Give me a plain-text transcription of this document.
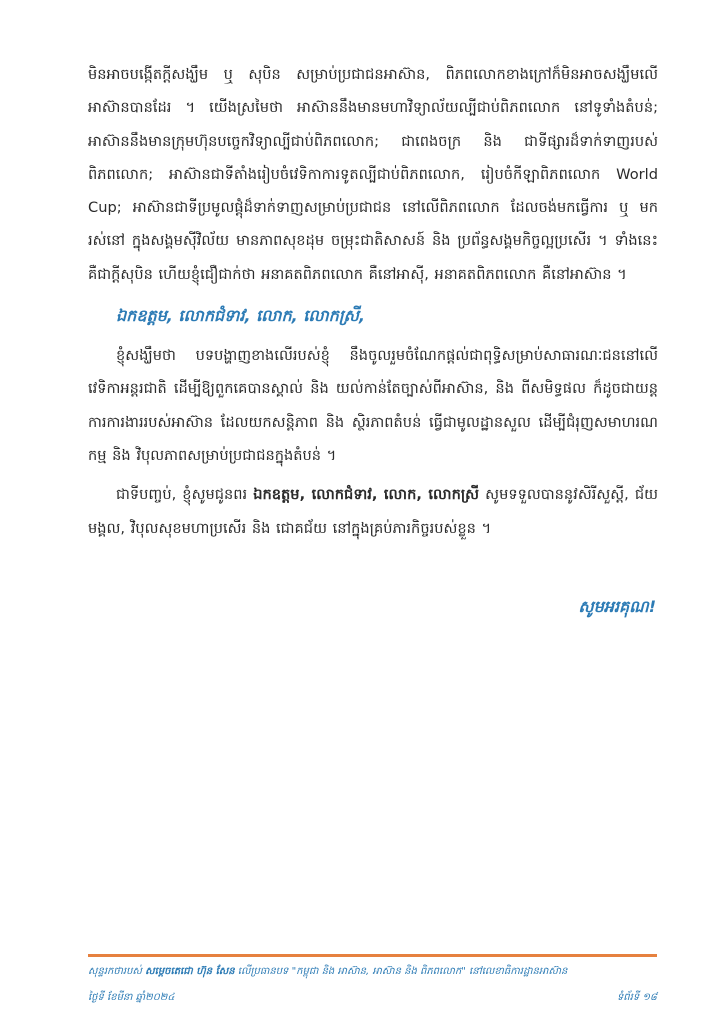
មិនអាចបង្កើតក្តីសង្ឃឹម ឬ សុបិន សម្រាប់ប្រជាជនអាស៊ាន, ពិភពលោកខាងក្រៅក៏មិនអាចសង្ឃឹមលើអាស៊ានបានដែរ ។ យើងស្រមៃថា អាស៊ាននឹងមានមហាវិទ្យាល័យល្បីជាប់ពិភពលោក នៅទូទាំងតំបន់; អាស៊ាននឹងមានក្រុមហ៊ុនបច្ចេកវិទ្យាល្បីជាប់ពិភពលោក; ជាពេងចក្រ និង ជាទីផ្សារដ៏ទាក់ទាញរបស់ពិភពលោក; អាស៊ានជាទីតាំងរៀបចំវេទិកាការទូតល្បីជាប់ពិភពលោក, រៀបចំកីឡាពិភពលោក World Cup; អាស៊ានជាទីប្រមូលផ្តុំដ៏ទាក់ទាញសម្រាប់ប្រជាជន នៅលើពិភពលោក ដែលចង់មកធ្វើការ ឬ មករស់នៅ ក្នុងសង្គមស៊ីវិល័យ មានភាពសុខដុម ចម្រុះជាតិសាសន៍ និង ប្រព័ន្ធសង្គមកិច្ចល្អប្រសើរ ។ ទាំងនេះគឺជាក្តីសុបិន ហើយខ្ញុំជឿជាក់ថា អនាគតពិភពលោក គឺនៅអាស៊ី, អនាគតពិភពលោក គឺនៅអាស៊ាន ។

ឯកឧត្តម, លោកជំទាវ, លោក, លោកស្រី,

ខ្ញុំសង្ឃឹមថា បទបង្ហាញខាងលើរបស់ខ្ញុំ នឹងចូលរួមចំណែកផ្តល់ជាពុទ្ធិសម្រាប់សាធារណៈជននៅលើវេទិកាអន្តរជាតិ ដើម្បីឱ្យពួកគេបានស្គាល់ និង យល់កាន់តែច្បាស់ពីអាស៊ាន, និង ពីសមិទ្ធផល ក៏ដូចជាយន្តការការងាររបស់អាស៊ាន ដែលយកសន្តិភាព និង ស្ថិរភាពតំបន់ ធ្វើជាមូលដ្ឋានសួល ដើម្បីជំរុញសមាហរណកម្ម និង វិបុលភាពសម្រាប់ប្រជាជនក្នុងតំបន់ ។

ជាទីបញ្ចប់, ខ្ញុំសូមជូនពរ ឯកឧត្តម, លោកជំទាវ, លោក, លោកស្រី សូមទទួលបាននូវសិរីសួស្តី, ជ័យមង្គល, វិបុលសុខមហាប្រសើរ និង ជោគជ័យ នៅក្នុងគ្រប់ភារកិច្ចរបស់ខ្លួន ។

សូមអរគុណ!
សុន្ទរកថារបស់ សម្តេចតេជោ ហ៊ុន សែន លើប្រធានបទ "កម្ពុជា និង អាស៊ាន, អាស៊ាន និង ពិភពលោក" នៅលេខាធិការដ្ឋានអាស៊ាន
ថ្ងៃទី ខែមីនា ឆ្នាំ២០២៤	ទំព័រទី ១៨
